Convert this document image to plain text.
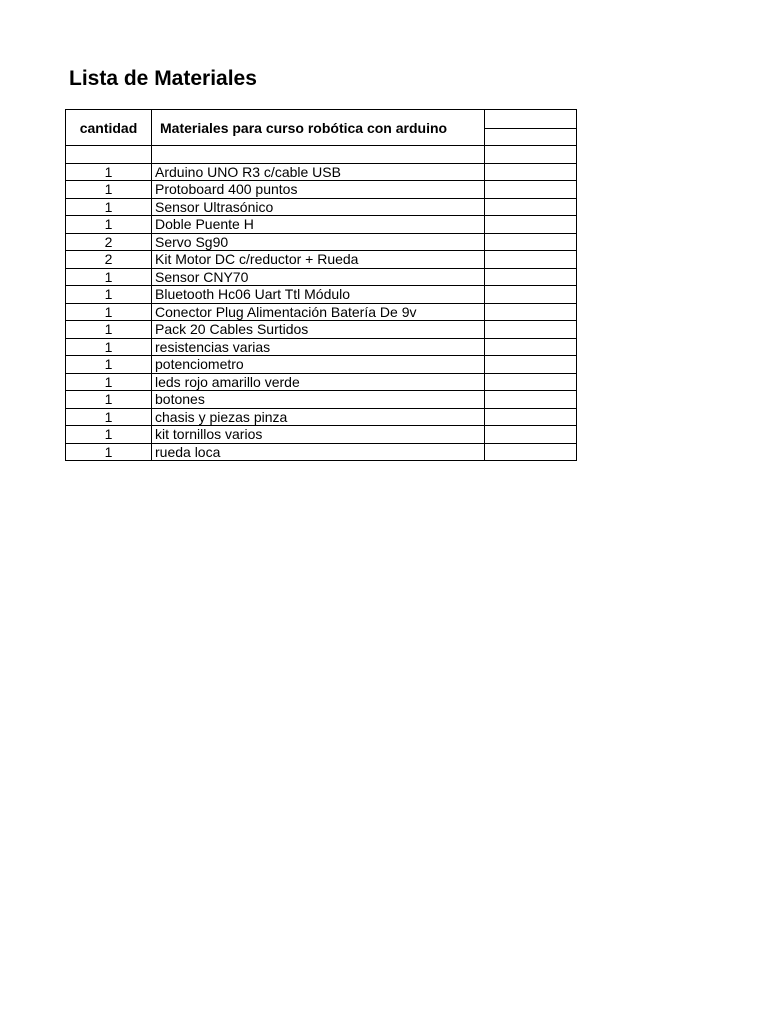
Lista de Materiales
cantidad	Materiales para curso robótica con arduino	

1	Arduino UNO R3 c/cable USB	
1	Protoboard 400 puntos	
1	Sensor Ultrasónico	
1	Doble Puente H	
2	Servo Sg90	
2	Kit Motor DC c/reductor + Rueda	
1	Sensor CNY70	
1	Bluetooth Hc06 Uart Ttl Módulo	
1	Conector Plug Alimentación Batería De 9v	
1	Pack 20 Cables Surtidos	
1	resistencias varias	
1	potenciometro	
1	leds rojo amarillo verde	
1	botones	
1	chasis y piezas pinza	
1	kit tornillos varios	
1	rueda loca	
